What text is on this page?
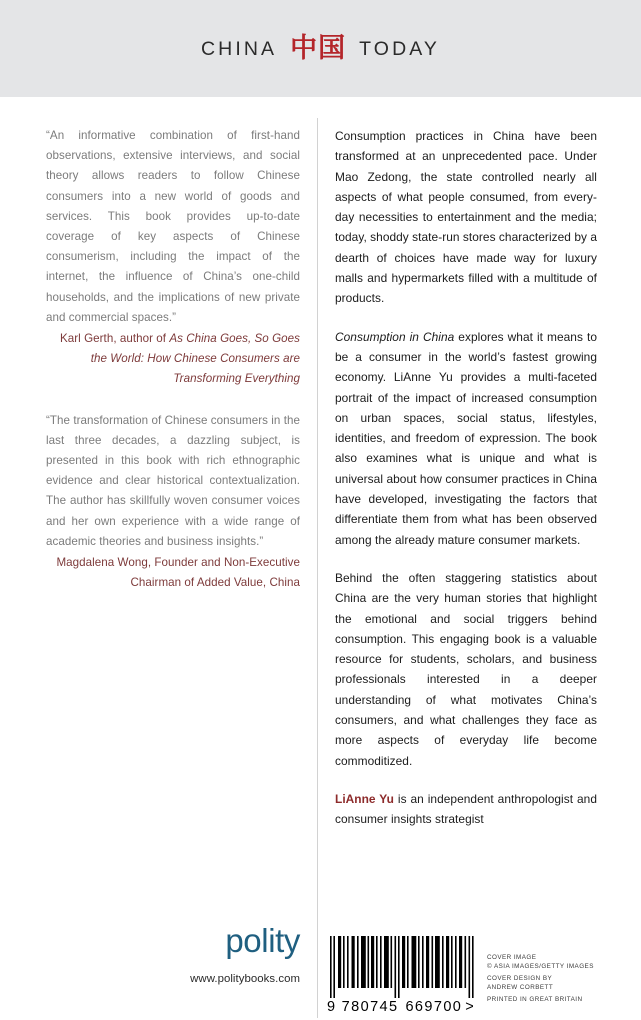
CHINA 中国 TODAY
“An informative combination of first-hand observations, extensive interviews, and social theory allows readers to follow Chinese consumers into a new world of goods and services. This book provides up-to-date coverage of key aspects of Chinese consumerism, including the impact of the internet, the influence of China’s one-child households, and the implications of new private and commercial spaces.”
Karl Gerth, author of As China Goes, So Goes the World: How Chinese Consumers are Transforming Everything
“The transformation of Chinese consumers in the last three decades, a dazzling subject, is presented in this book with rich ethnographic evidence and clear historical contextualization. The author has skillfully woven consumer voices and her own experience with a wide range of academic theories and business insights.”
Magdalena Wong, Founder and Non-Executive Chairman of Added Value, China

Consumption practices in China have been transformed at an unprecedented pace. Under Mao Zedong, the state controlled nearly all aspects of what people consumed, from every-day necessities to entertainment and the media; today, shoddy state-run stores characterized by a dearth of choices have made way for luxury malls and hypermarkets filled with a multitude of products.

Consumption in China explores what it means to be a consumer in the world’s fastest growing economy. LiAnne Yu provides a multi-faceted portrait of the impact of increased consumption on urban spaces, social status, lifestyles, identities, and freedom of expression. The book also examines what is unique and what is universal about how consumer practices in China have developed, investigating the factors that differentiate them from what has been observed among the already mature consumer markets.

Behind the often staggering statistics about China are the very human stories that highlight the emotional and social triggers behind consumption. This engaging book is a valuable resource for students, scholars, and business professionals interested in a deeper understanding of what motivates China’s consumers, and what challenges they face as more aspects of everyday life become commoditized.

LiAnne Yu is an independent anthropologist and consumer insights strategist

polity
www.politybooks.com
9 780745 669700 >
COVER IMAGE
© ASIA IMAGES/GETTY IMAGES
COVER DESIGN BY
ANDREW CORBETT
PRINTED IN GREAT BRITAIN
